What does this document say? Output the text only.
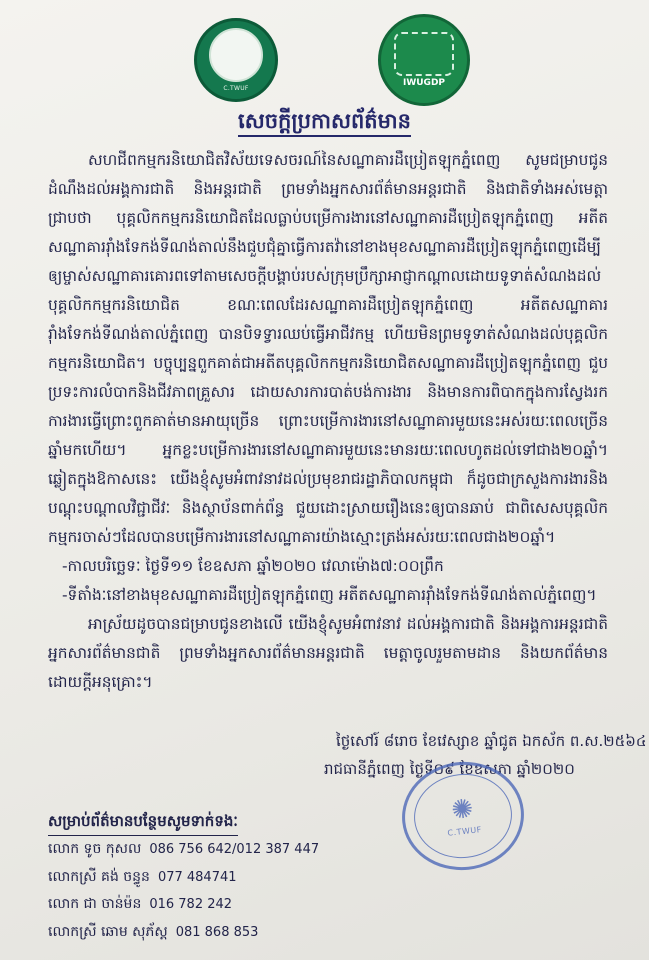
C.TWUF
IWUGDP
សេចក្តីប្រកាសព័ត៌មាន

សហជីពកម្មករនិយោជិតវិស័យទេសចរណ៍នៃសណ្ឋាគារដឺប្រៀតឡុកភ្នំពេញ សូមជម្រាបជូនដំណឹងដល់អង្គការជាតិ និងអន្តរជាតិ ព្រមទាំងអ្នកសារព័ត៌មានអន្តរជាតិ និងជាតិទាំងអស់មេត្តាជ្រាបថា បុគ្គលិកកម្មករនិយោជិតដែលធ្លាប់បម្រើការងារនៅសណ្ឋាគារដឺប្រៀតឡុកភ្នំពេញ អតីតសណ្ឋាគាររ៉ាំងទែកង់ទីណង់តាល់នឹងជួបជុំគ្នាធ្វើការតវ៉ានៅខាងមុខសណ្ឋាគារដឺប្រៀតឡុកភ្នំពេញដើម្បី ឲ្យម្ចាស់សណ្ឋាគារគោរពទៅតាមសេចក្តីបង្គាប់របស់ក្រុមប្រឹក្សាអាជ្ញាកណ្តាលដោយទូទាត់សំណងដល់បុគ្គលិកកម្មករនិយោជិត ខណៈពេលដែរសណ្ឋាគារដឺប្រៀតឡុកភ្នំពេញ អតីតសណ្ឋាគាររ៉ាំងទែកង់ទីណង់តាល់ភ្នំពេញ បានបិទទ្វារឈប់ធ្វើអាជីវកម្ម ហើយមិនព្រមទូទាត់សំណងដល់បុគ្គលិកកម្មករនិយោជិត។ បច្ចុប្បន្នពួកគាត់ជាអតីតបុគ្គលិកកម្មករនិយោជិតសណ្ឋាគារដឺប្រៀតឡុកភ្នំពេញ ជួបប្រទះការលំបាកនិងជីវភាពគ្រួសារ ដោយសារការបាត់បង់ការងារ និងមានការពិបាកក្នុងការស្វែងរកការងារធ្វើព្រោះពួកគាត់មានអាយុច្រើន ព្រោះបម្រើការងារនៅសណ្ឋាគារមួយនេះអស់រយៈពេលច្រើនឆ្នាំមកហើយ។ អ្នកខ្លះបម្រើការងារនៅសណ្ឋាគារមួយនេះមានរយៈពេលហូតដល់ទៅជាង២០ឆ្នាំ។ ឆ្លៀតក្នុងឱកាសនេះ យើងខ្ញុំសូមអំពាវនាវដល់ប្រមុខរាជរដ្ឋាភិបាលកម្ពុជា ក៏ដូចជាក្រសួងការងារនិងបណ្តុះបណ្តាលវិជ្ជាជីវៈ និងស្ថាប័នពាក់ព័ន្ធ ជួយដោះស្រាយរឿងនេះឲ្យបានឆាប់ ជាពិសេសបុគ្គលិកកម្មករចាស់ៗដែលបានបម្រើការងារនៅសណ្ឋាគារយ៉ាងស្មោះត្រង់អស់រយៈពេលជាង២០ឆ្នាំ។

-កាលបរិច្ឆេទៈ ថ្ងៃទី១១ ខែឧសភា ឆ្នាំ២០២០ វេលាម៉ោង៧:០០ព្រឹក

-ទីតាំងៈនៅខាងមុខសណ្ឋាគារដឺប្រៀតឡុកភ្នំពេញ អតីតសណ្ឋាគាររ៉ាំងទែកង់ទីណង់តាល់ភ្នំពេញ។

អាស្រ័យដូចបានជម្រាបជូនខាងលើ យើងខ្ញុំសូមអំពាវនាវ ដល់អង្គការជាតិ និងអង្គការអន្តរជាតិ អ្នកសារព័ត៌មានជាតិ ព្រមទាំងអ្នកសារព័ត៌មានអន្តរជាតិ មេត្តាចូលរួមតាមដាន និងយកព័ត៌មានដោយក្តីអនុគ្រោះ។

ថ្ងៃសៅរ៍ ៨រោច ខែវេស្សាខ ឆ្នាំជូត ឯកស័ក ព.ស.២៥៦៤
រាជធានីភ្នំពេញ ថ្ងៃទី០៩ ខែឧសភា ឆ្នាំ២០២០
✺
C.TWUF
សម្រាប់ព័ត៌មានបន្ថែមសូមទាក់ទងៈ
លោក ទូច កុសល 086 756 642/012 387 447
លោកស្រី គង់ ចន្ធូន 077 484741
លោក ជា ចាន់ម៉ន 016 782 242
លោកស្រី ឆោម សុភ័ស្ត 081 868 853
